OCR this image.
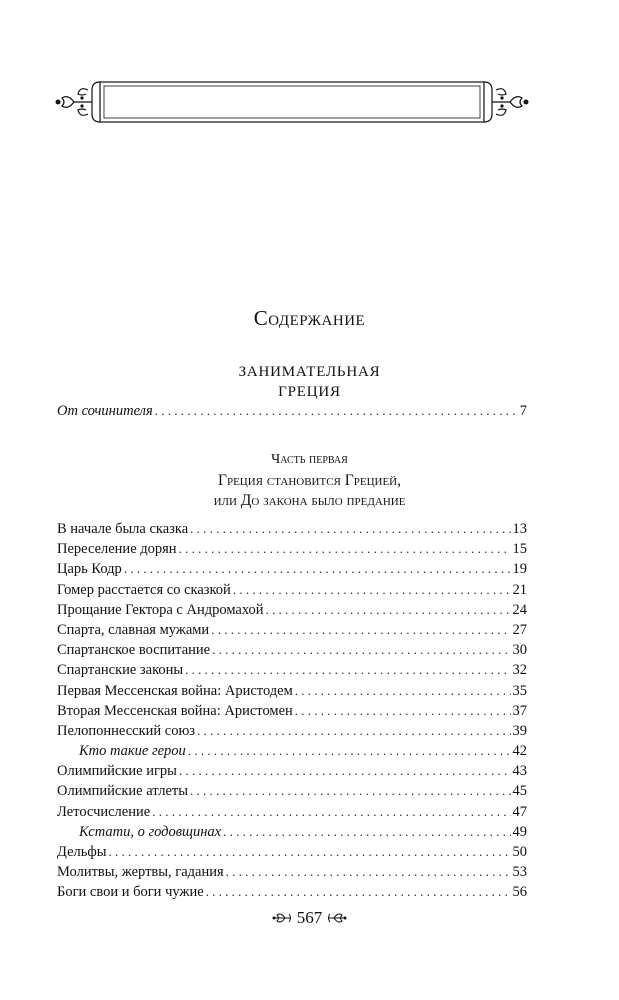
Содержание
ЗАНИМАТЕЛЬНАЯ
ГРЕЦИЯ
От сочинителя . . .	7
Часть первая
Греция становится Грецией,
или До закона было предание
В начале была сказка . . .	13
Переселение дорян . . .	15
Царь Кодр . . .	19
Гомер расстается со сказкой . . .	21
Прощание Гектора с Андромахой . . .	24
Спарта, славная мужами . . .	27
Спартанское воспитание . . .	30
Спартанские законы . . .	32
Первая Мессенская война: Аристодем . . .	35
Вторая Мессенская война: Аристомен . . .	37
Пелопоннесский союз . . .	39
Кто такие герои . . .	42
Олимпийские игры . . .	43
Олимпийские атлеты . . .	45
Летосчисление . . .	47
Кстати, о годовщинах . . .	49
Дельфы . . .	50
Молитвы, жертвы, гадания . . .	53
Боги свои и боги чужие . . .	56
567
